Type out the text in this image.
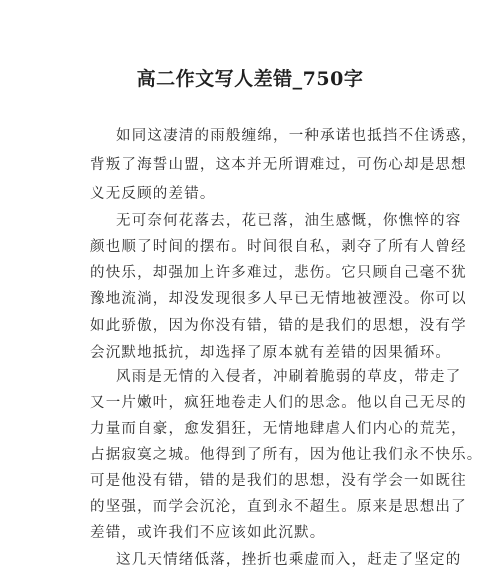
高二作文写人差错_750字
如同这凄清的雨般缠绵，一种承诺也抵挡不住诱惑，
背叛了海誓山盟，这本并无所谓难过，可伤心却是思想
义无反顾的差错。
无可奈何花落去，花已落，油生感慨，你憔悴的容
颜也顺了时间的摆布。时间很自私，剥夺了所有人曾经
的快乐，却强加上许多难过，悲伤。它只顾自己毫不犹
豫地流淌，却没发现很多人早已无情地被湮没。你可以
如此骄傲，因为你没有错，错的是我们的思想，没有学
会沉默地抵抗，却选择了原本就有差错的因果循环。
风雨是无情的入侵者，冲刷着脆弱的草皮，带走了
又一片嫩叶，疯狂地卷走人们的思念。他以自己无尽的
力量而自豪，愈发猖狂，无情地肆虐人们内心的荒芜，
占据寂寞之城。他得到了所有，因为他让我们永不快乐。
可是他没有错，错的是我们的思想，没有学会一如既往
的坚强，而学会沉沦，直到永不超生。原来是思想出了
差错，或许我们不应该如此沉默。
这几天情绪低落，挫折也乘虚而入，赶走了坚定的
